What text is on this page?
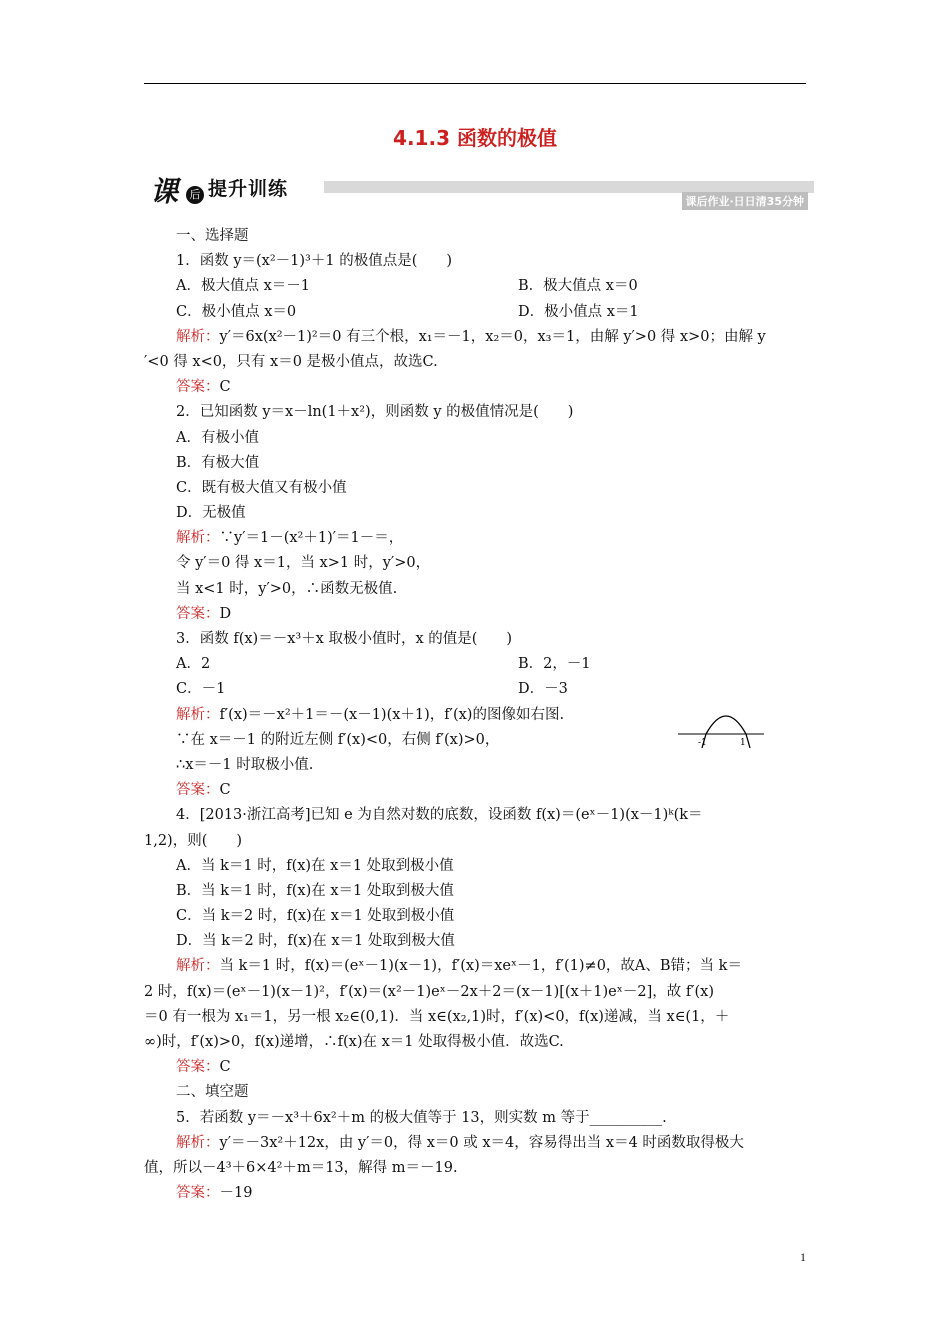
4.1.3 函数的极值
课	后 提升训练
课后作业·日日清35分钟
一、选择题
1．函数 y＝(x²－1)³＋1 的极值点是(　　)
A．极大值点 x＝－1	B．极大值点 x＝0
C．极小值点 x＝0	D．极小值点 x＝1
解析：y′＝6x(x²－1)²＝0 有三个根，x₁＝－1，x₂＝0，x₃＝1，由解 y′>0 得 x>0；由解 y
′<0 得 x<0，只有 x＝0 是极小值点，故选C.
答案：C
2．已知函数 y＝x－ln(1＋x²)，则函数 y 的极值情况是(　　)
A．有极小值
B．有极大值
C．既有极大值又有极小值
D．无极值
解析：∵y′＝1－(x²＋1)′＝1－＝，
令 y′＝0 得 x＝1，当 x>1 时，y′>0，
当 x<1 时，y′>0，∴函数无极值.
答案：D
3．函数 f(x)＝－x³＋x 取极小值时，x 的值是(　　)
A．2	B．2，－1
C．－1	D．－3
解析：f′(x)＝－x²＋1＝－(x－1)(x＋1)，f′(x)的图像如右图.
∵在 x＝－1 的附近左侧 f′(x)<0，右侧 f′(x)>0，
∴x＝－1 时取极小值.
答案：C
4．[2013·浙江高考]已知 e 为自然对数的底数，设函数 f(x)＝(eˣ－1)(x－1)ᵏ(k＝
1,2)，则(　　)
A．当 k＝1 时，f(x)在 x＝1 处取到极小值
B．当 k＝1 时，f(x)在 x＝1 处取到极大值
C．当 k＝2 时，f(x)在 x＝1 处取到极小值
D．当 k＝2 时，f(x)在 x＝1 处取到极大值
解析：当 k＝1 时，f(x)＝(eˣ－1)(x－1)，f′(x)＝xeˣ－1，f′(1)≠0，故A、B错；当 k＝
2 时，f(x)＝(eˣ－1)(x－1)²，f′(x)＝(x²－1)eˣ－2x＋2＝(x－1)[(x＋1)eˣ－2]，故 f′(x)
＝0 有一根为 x₁＝1，另一根 x₂∈(0,1)．当 x∈(x₂,1)时，f′(x)<0，f(x)递减，当 x∈(1，＋
∞)时，f′(x)>0，f(x)递增，∴f(x)在 x＝1 处取得极小值．故选C.
答案：C
二、填空题
5．若函数 y＝－x³＋6x²＋m 的极大值等于 13，则实数 m 等于__________.
解析：y′＝－3x²＋12x，由 y′＝0，得 x＝0 或 x＝4，容易得出当 x＝4 时函数取得极大
值，所以－4³＋6×4²＋m＝13，解得 m＝－19.
答案：－19
-1	1
1
